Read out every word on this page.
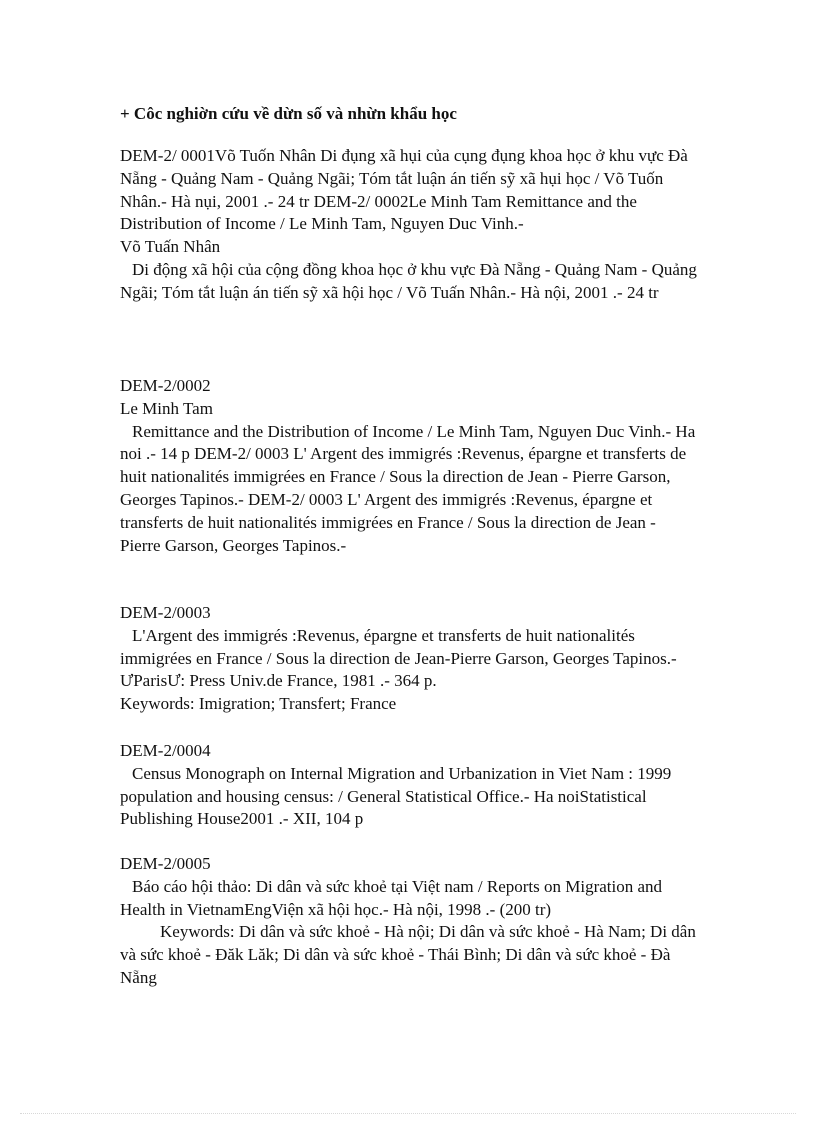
+ Côc nghiờn cứu về dừn số và nhừn khẩu học

DEM-2/ 0001Võ Tuốn Nhân Di đụng xã hụi của cụng đụng khoa học ở khu vực Đà Nẵng - Quảng Nam - Quảng Ngãi; Tóm tắt luận án tiến sỹ xã hụi học / Võ Tuốn Nhân.- Hà nụi, 2001 .- 24 tr DEM-2/ 0002Le Minh Tam Remittance and the Distribution of Income / Le Minh Tam, Nguyen Duc Vinh.-

Võ Tuấn Nhân

Di động xã hội của cộng đồng khoa học ở khu vực Đà Nẵng - Quảng Nam - Quảng Ngãi; Tóm tắt luận án tiến sỹ xã hội học / Võ Tuấn Nhân.- Hà nội, 2001 .- 24 tr

DEM-2/0002

Le Minh Tam

Remittance and the Distribution of Income / Le Minh Tam, Nguyen Duc Vinh.- Ha noi .- 14 p DEM-2/ 0003 L' Argent des immigrés :Revenus, épargne et transferts de huit nationalités immigrées en France / Sous la direction de Jean - Pierre Garson, Georges Tapinos.- DEM-2/ 0003 L' Argent des immigrés :Revenus, épargne et transferts de huit nationalités immigrées en France / Sous la direction de Jean - Pierre Garson, Georges Tapinos.-

DEM-2/0003

L'Argent des immigrés :Revenus, épargne et transferts de huit nationalités immigrées en France / Sous la direction de Jean-Pierre Garson, Georges Tapinos.- ƯParisƯ: Press Univ.de France, 1981 .- 364 p.

Keywords: Imigration; Transfert; France

DEM-2/0004

Census Monograph on Internal Migration and Urbanization in Viet Nam : 1999 population and housing census: / General Statistical Office.- Ha noiStatistical Publishing House2001 .- XII, 104 p

DEM-2/0005

Báo cáo hội thảo: Di dân và sức khoẻ tại Việt nam / Reports on Migration and Health in VietnamEngViện xã hội học.- Hà nội, 1998 .- (200 tr)

Keywords: Di dân và sức khoẻ - Hà nội; Di dân và sức khoẻ - Hà Nam; Di dân và sức khoẻ - Đăk Lăk; Di dân và sức khoẻ - Thái Bình; Di dân và sức khoẻ - Đà Nẵng
